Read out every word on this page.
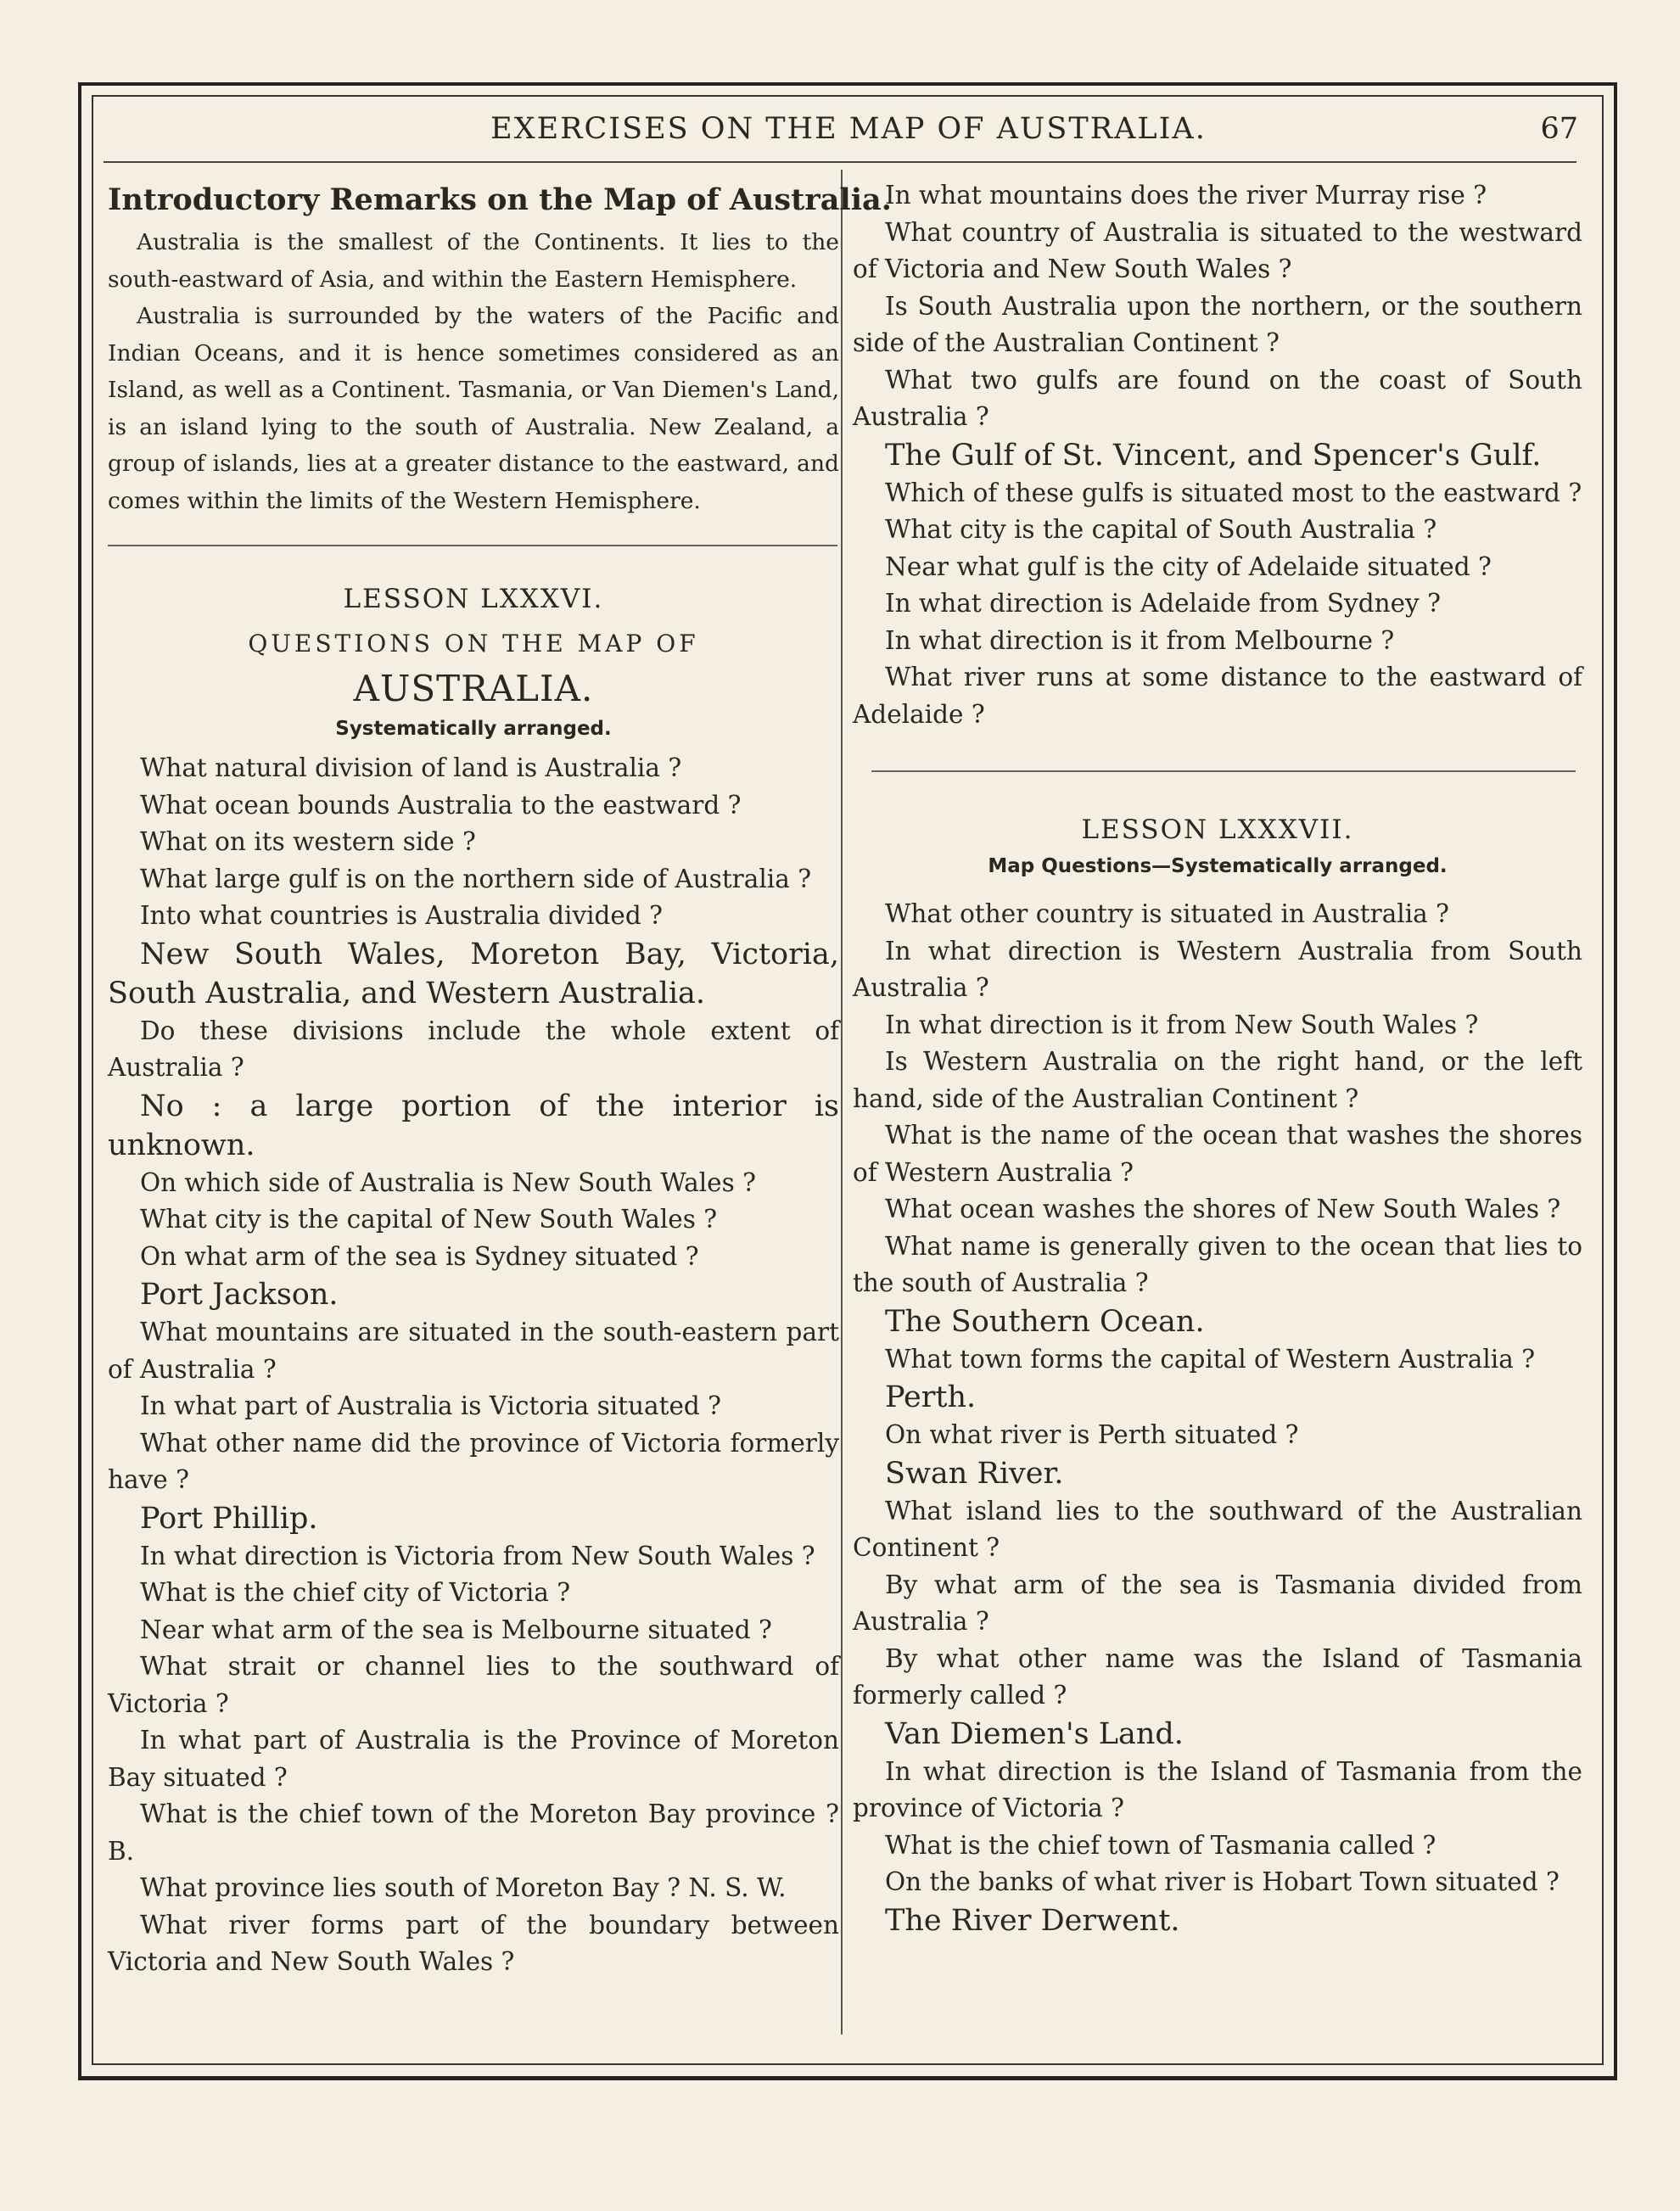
EXERCISES ON THE MAP OF AUSTRALIA.	67
Introductory Remarks on the Map of Australia.

Australia is the smallest of the Continents. It lies to the south-eastward of Asia, and within the Eastern Hemisphere.

Australia is surrounded by the waters of the Pacific and Indian Oceans, and it is hence sometimes considered as an Island, as well as a Continent. Tasmania, or Van Diemen's Land, is an island lying to the south of Australia. New Zealand, a group of islands, lies at a greater distance to the eastward, and comes within the limits of the Western Hemisphere.

LESSON LXXXVI.

QUESTIONS ON THE MAP OF

AUSTRALIA.

Systematically arranged.

What natural division of land is Australia ?

What ocean bounds Australia to the eastward ?

What on its western side ?

What large gulf is on the northern side of Australia ?

Into what countries is Australia divided ?

New South Wales, Moreton Bay, Victoria, South Australia, and Western Australia.

Do these divisions include the whole extent of Australia ?

No : a large portion of the interior is unknown.

On which side of Australia is New South Wales ?

What city is the capital of New South Wales ?

On what arm of the sea is Sydney situated ?

Port Jackson.

What mountains are situated in the south-eastern part of Australia ?

In what part of Australia is Victoria situated ?

What other name did the province of Victoria formerly have ?

Port Phillip.

In what direction is Victoria from New South Wales ?

What is the chief city of Victoria ?

Near what arm of the sea is Melbourne situated ?

What strait or channel lies to the southward of Victoria ?

In what part of Australia is the Province of Moreton Bay situated ?

What is the chief town of the Moreton Bay province ? B.

What province lies south of Moreton Bay ? N. S. W.

What river forms part of the boundary between Victoria and New South Wales ?

In what mountains does the river Murray rise ?

What country of Australia is situated to the westward of Victoria and New South Wales ?

Is South Australia upon the northern, or the southern side of the Australian Continent ?

What two gulfs are found on the coast of South Australia ?

The Gulf of St. Vincent, and Spencer's Gulf.

Which of these gulfs is situated most to the eastward ?

What city is the capital of South Australia ?

Near what gulf is the city of Adelaide situated ?

In what direction is Adelaide from Sydney ?

In what direction is it from Melbourne ?

What river runs at some distance to the eastward of Adelaide ?

LESSON LXXXVII.

Map Questions—Systematically arranged.

What other country is situated in Australia ?

In what direction is Western Australia from South Australia ?

In what direction is it from New South Wales ?

Is Western Australia on the right hand, or the left hand, side of the Australian Continent ?

What is the name of the ocean that washes the shores of Western Australia ?

What ocean washes the shores of New South Wales ?

What name is generally given to the ocean that lies to the south of Australia ?

The Southern Ocean.

What town forms the capital of Western Australia ?

Perth.

On what river is Perth situated ?

Swan River.

What island lies to the southward of the Australian Continent ?

By what arm of the sea is Tasmania divided from Australia ?

By what other name was the Island of Tasmania formerly called ?

Van Diemen's Land.

In what direction is the Island of Tasmania from the province of Victoria ?

What is the chief town of Tasmania called ?

On the banks of what river is Hobart Town situated ?

The River Derwent.
